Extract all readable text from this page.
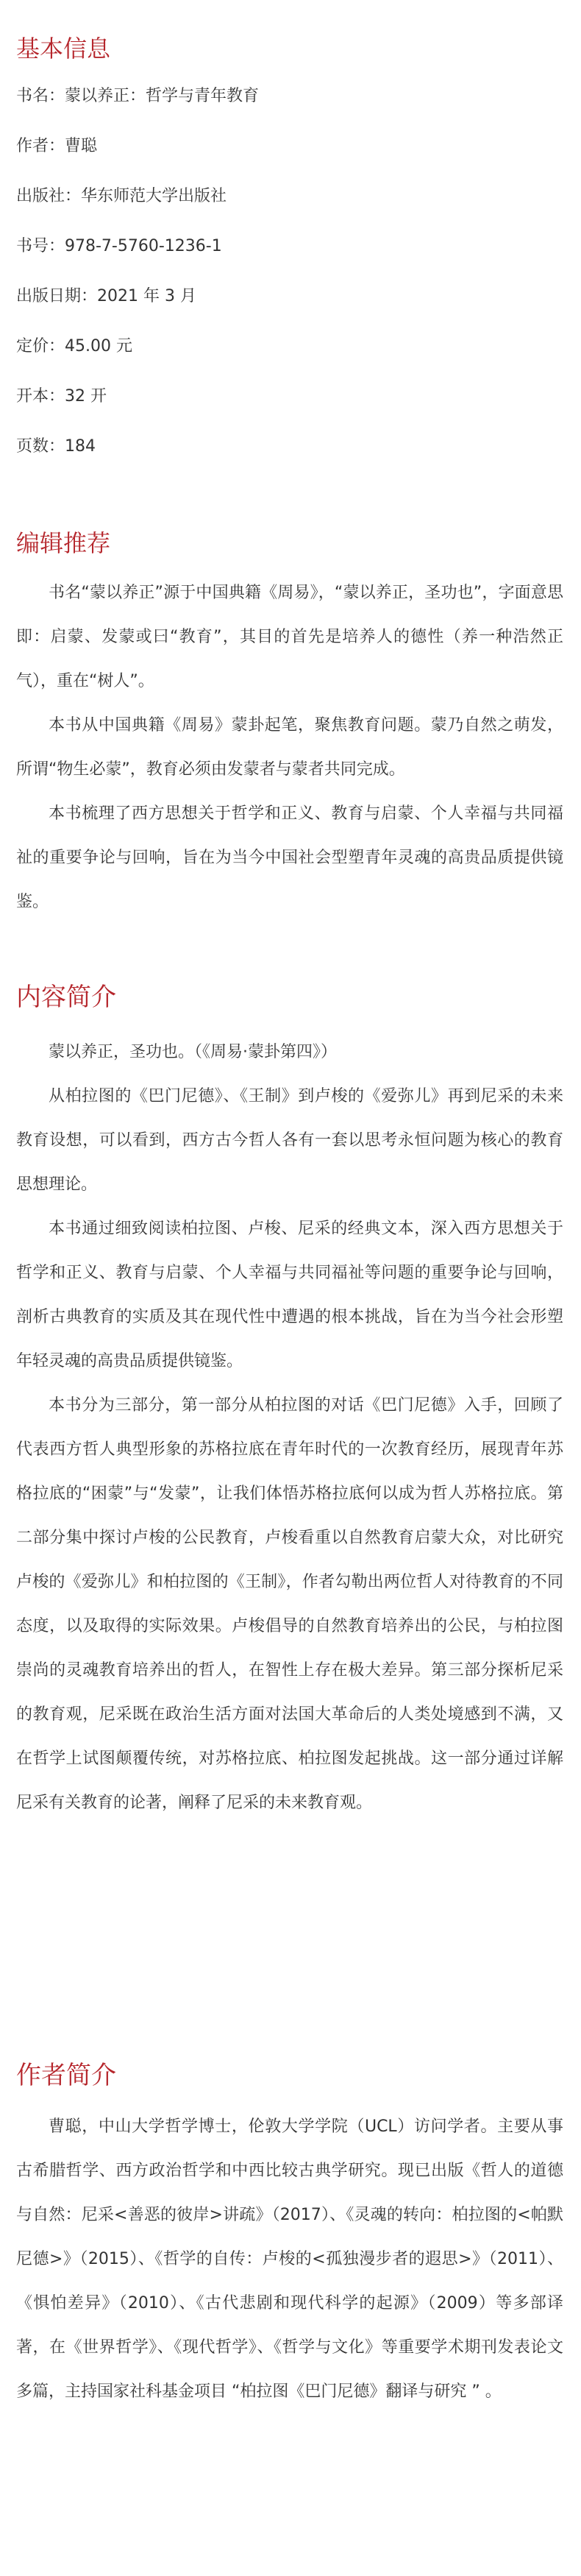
基本信息
书名：蒙以养正：哲学与青年教育
作者：曹聪
出版社：华东师范大学出版社
书号：978-7-5760-1236-1
出版日期：2021 年 3 月
定价：45.00 元
开本：32 开
页数：184
编辑推荐

书名“蒙以养正”源于中国典籍《周易》，“蒙以养正，圣功也”，字面意思即：启蒙、发蒙或曰“教育”，其目的首先是培养人的德性（养一种浩然正气），重在“树人”。

本书从中国典籍《周易》蒙卦起笔，聚焦教育问题。蒙乃自然之萌发，所谓“物生必蒙”，教育必须由发蒙者与蒙者共同完成。

本书梳理了西方思想关于哲学和正义、教育与启蒙、个人幸福与共同福祉的重要争论与回响，旨在为当今中国社会型塑青年灵魂的高贵品质提供镜鉴。

内容简介

蒙以养正，圣功也。（《周易·蒙卦第四》）

从柏拉图的《巴门尼德》、《王制》到卢梭的《爱弥儿》再到尼采的未来教育设想，可以看到，西方古今哲人各有一套以思考永恒问题为核心的教育思想理论。

本书通过细致阅读柏拉图、卢梭、尼采的经典文本，深入西方思想关于哲学和正义、教育与启蒙、个人幸福与共同福祉等问题的重要争论与回响，剖析古典教育的实质及其在现代性中遭遇的根本挑战，旨在为当今社会形塑年轻灵魂的高贵品质提供镜鉴。

本书分为三部分，第一部分从柏拉图的对话《巴门尼德》入手，回顾了代表西方哲人典型形象的苏格拉底在青年时代的一次教育经历，展现青年苏格拉底的“困蒙”与“发蒙”，让我们体悟苏格拉底何以成为哲人苏格拉底。第二部分集中探讨卢梭的公民教育，卢梭看重以自然教育启蒙大众，对比研究卢梭的《爱弥儿》和柏拉图的《王制》，作者勾勒出两位哲人对待教育的不同态度，以及取得的实际效果。卢梭倡导的自然教育培养出的公民，与柏拉图崇尚的灵魂教育培养出的哲人，在智性上存在极大差异。第三部分探析尼采的教育观，尼采既在政治生活方面对法国大革命后的人类处境感到不满，又在哲学上试图颠覆传统，对苏格拉底、柏拉图发起挑战。这一部分通过详解尼采有关教育的论著，阐释了尼采的未来教育观。

作者简介

曹聪，中山大学哲学博士，伦敦大学学院（UCL）访问学者。主要从事古希腊哲学、西方政治哲学和中西比较古典学研究。现已出版《哲人的道德与自然：尼采<善恶的彼岸>讲疏》（2017）、《灵魂的转向：柏拉图的<帕默尼德>》（2015）、《哲学的自传：卢梭的<孤独漫步者的遐思>》（2011）、《惧怕差异》（2010）、《古代悲剧和现代科学的起源》（2009）等多部译著，在《世界哲学》、《现代哲学》、《哲学与文化》等重要学术期刊发表论文多篇，主持国家社科基金项目 “柏拉图《巴门尼德》翻译与研究 ” 。
